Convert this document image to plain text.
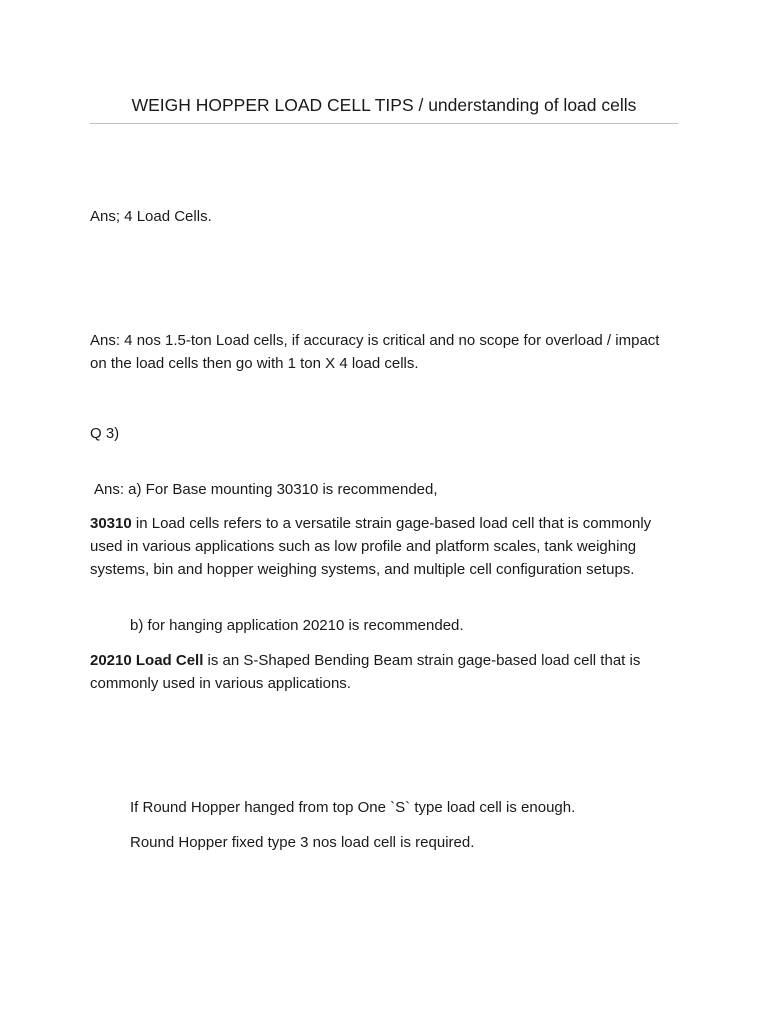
WEIGH HOPPER LOAD CELL TIPS / understanding of load cells

Ans; 4 Load Cells.

Ans: 4 nos 1.5-ton Load cells, if accuracy is critical and no scope for overload / impact on the load cells then go with 1 ton X 4 load cells.

Q 3)

Ans: a) For Base mounting 30310 is recommended,

30310 in Load cells refers to a versatile strain gage-based load cell that is commonly used in various applications such as low profile and platform scales, tank weighing systems, bin and hopper weighing systems, and multiple cell configuration setups.

b) for hanging application 20210 is recommended.

20210 Load Cell is an S-Shaped Bending Beam strain gage-based load cell that is commonly used in various applications.

If Round Hopper hanged from top One `S` type load cell is enough.

Round Hopper fixed type 3 nos load cell is required.
